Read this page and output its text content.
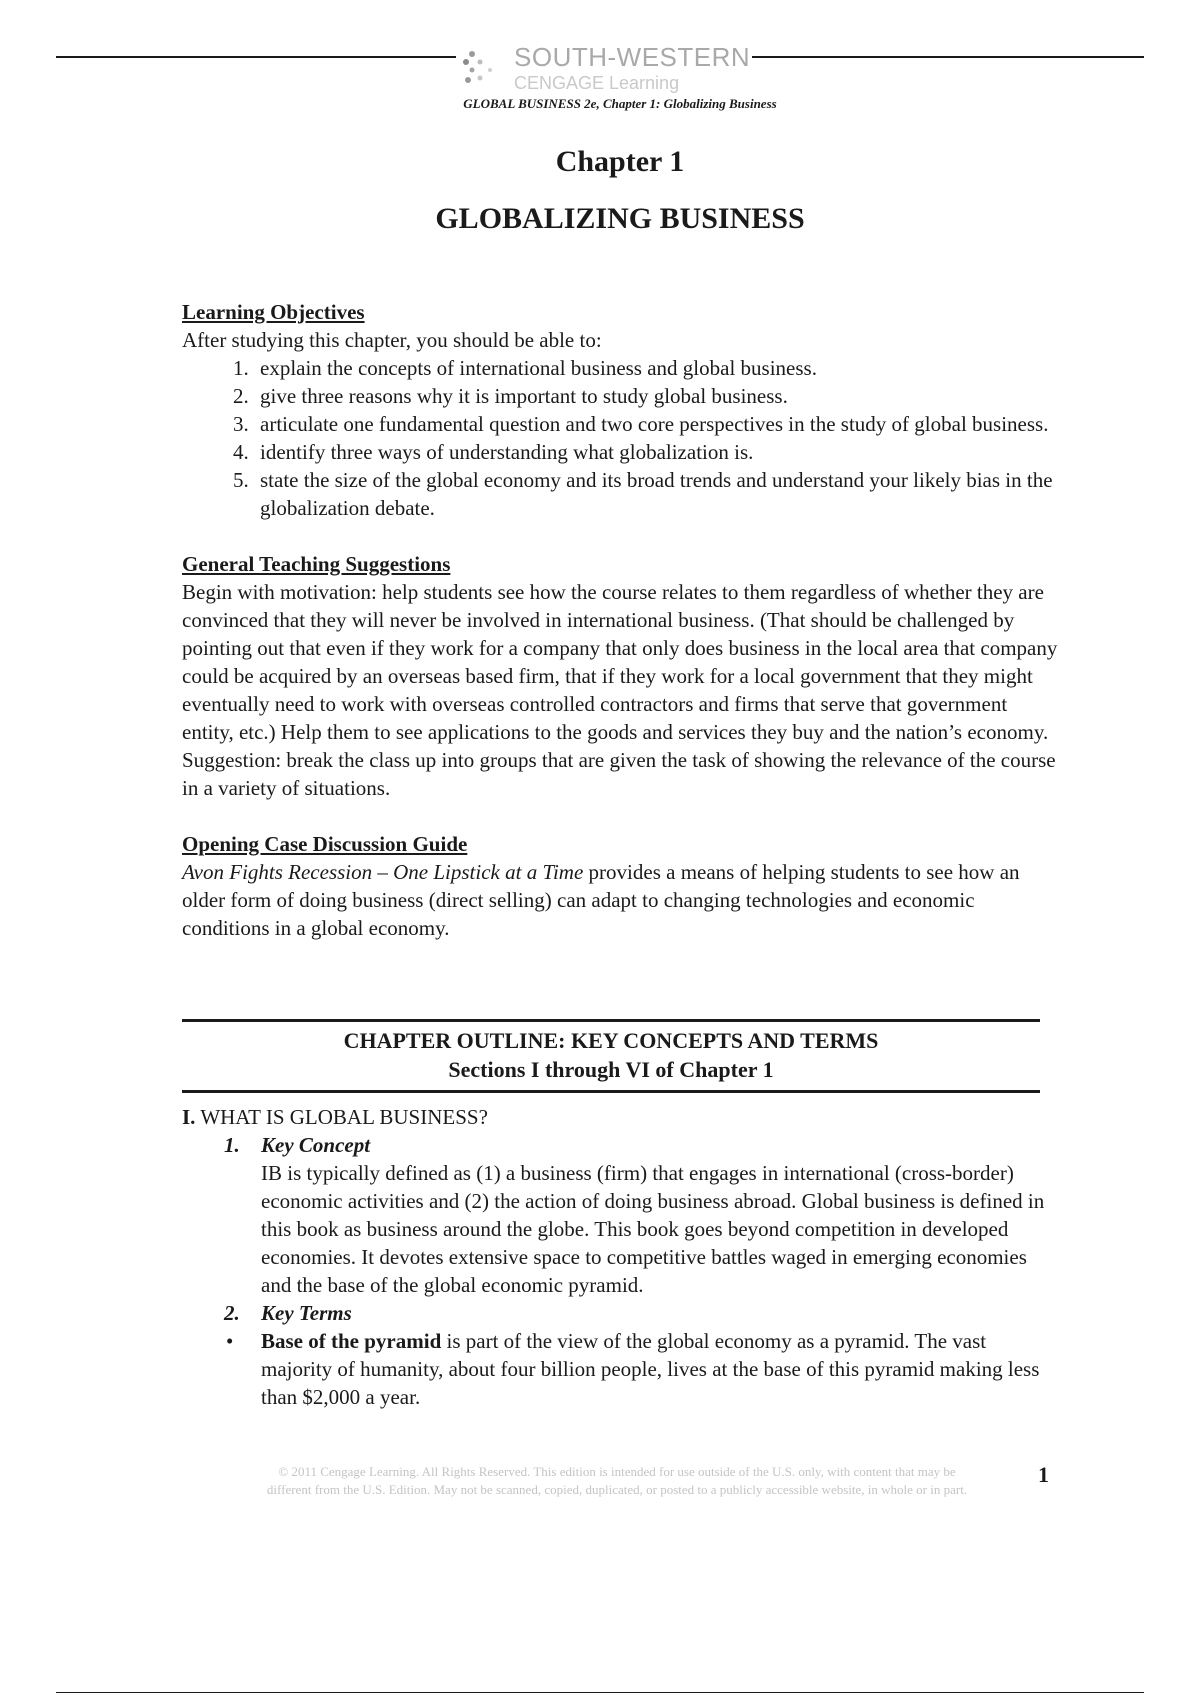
SOUTH-WESTERN
CENGAGE Learning
GLOBAL BUSINESS 2e, Chapter 1: Globalizing Business
Chapter 1
GLOBALIZING BUSINESS
Learning Objectives

After studying this chapter, you should be able to:

1. explain the concepts of international business and global business.
2. give three reasons why it is important to study global business.
3. articulate one fundamental question and two core perspectives in the study of global business.
4. identify three ways of understanding what globalization is.
5. state the size of the global economy and its broad trends and understand your likely bias in the globalization debate.
General Teaching Suggestions

Begin with motivation: help students see how the course relates to them regardless of whether they are convinced that they will never be involved in international business. (That should be challenged by pointing out that even if they work for a company that only does business in the local area that company could be acquired by an overseas based firm, that if they work for a local government that they might eventually need to work with overseas controlled contractors and firms that serve that government entity, etc.) Help them to see applications to the goods and services they buy and the nation’s economy. Suggestion: break the class up into groups that are given the task of showing the relevance of the course in a variety of situations.

Opening Case Discussion Guide

Avon Fights Recession – One Lipstick at a Time provides a means of helping students to see how an older form of doing business (direct selling) can adapt to changing technologies and economic conditions in a global economy.

CHAPTER OUTLINE: KEY CONCEPTS AND TERMS
Sections I through VI of Chapter 1
I. WHAT IS GLOBAL BUSINESS?
1. Key Concept
IB is typically defined as (1) a business (firm) that engages in international (cross-border) economic activities and (2) the action of doing business abroad. Global business is defined in this book as business around the globe. This book goes beyond competition in developed economies. It devotes extensive space to competitive battles waged in emerging economies and the base of the global economic pyramid.
2. Key Terms
• Base of the pyramid is part of the view of the global economy as a pyramid. The vast majority of humanity, about four billion people, lives at the base of this pyramid making less than $2,000 a year.
© 2011 Cengage Learning. All Rights Reserved. This edition is intended for use outside of the U.S. only, with content that may be
different from the U.S. Edition. May not be scanned, copied, duplicated, or posted to a publicly accessible website, in whole or in part.
1
